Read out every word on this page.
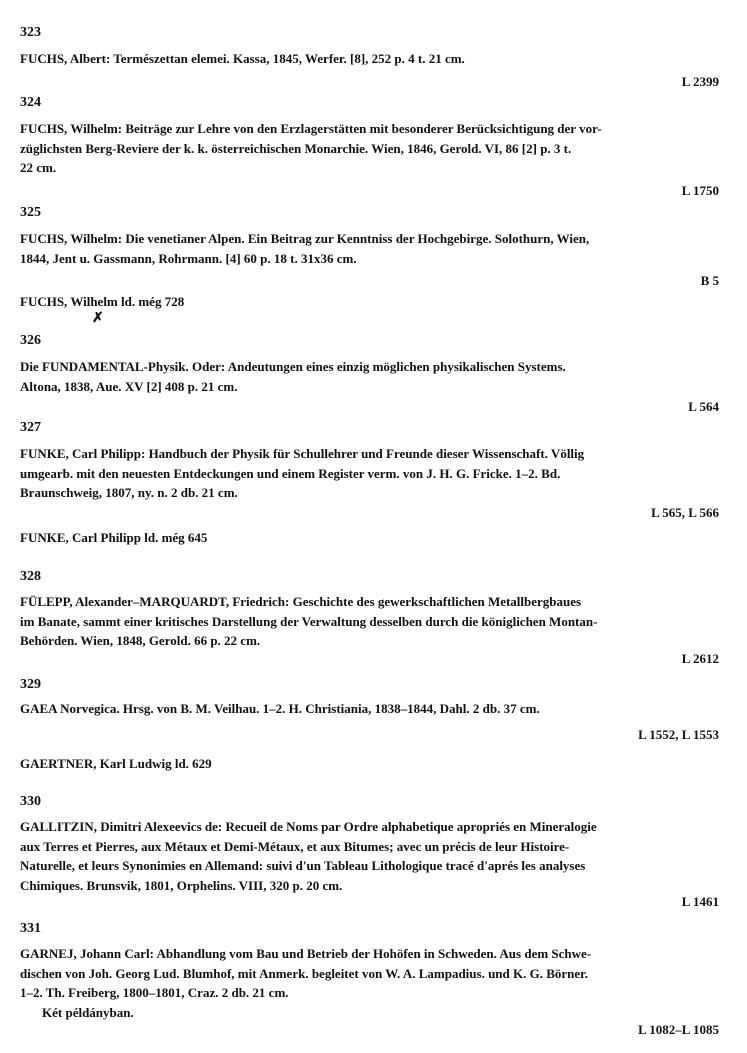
323
FUCHS, Albert: Természettan elemei. Kassa, 1845, Werfer. [8], 252 p. 4 t. 21 cm.
L 2399
324
FUCHS, Wilhelm: Beiträge zur Lehre von den Erzlagerstätten mit besonderer Berücksichtigung der vor-
züglichsten Berg-Reviere der k. k. österreichischen Monarchie. Wien, 1846, Gerold. VI, 86 [2] p. 3 t.
22 cm.
L 1750
325
FUCHS, Wilhelm: Die venetianer Alpen. Ein Beitrag zur Kenntniss der Hochgebirge. Solothurn, Wien,
1844, Jent u. Gassmann, Rohrmann. [4] 60 p. 18 t. 31x36 cm.
B 5
FUCHS, Wilhelm ld. még 728
✗
326
Die FUNDAMENTAL-Physik. Oder: Andeutungen eines einzig möglichen physikalischen Systems.
Altona, 1838, Aue. XV [2] 408 p. 21 cm.
L 564
327
FUNKE, Carl Philipp: Handbuch der Physik für Schullehrer und Freunde dieser Wissenschaft. Völlig
umgearb. mit den neuesten Entdeckungen und einem Register verm. von J. H. G. Fricke. 1–2. Bd.
Braunschweig, 1807, ny. n. 2 db. 21 cm.
L 565, L 566
FUNKE, Carl Philipp ld. még 645
328
FÜLEPP, Alexander–MARQUARDT, Friedrich: Geschichte des gewerkschaftlichen Metallbergbaues
im Banate, sammt einer kritisches Darstellung der Verwaltung desselben durch die königlichen Montan-
Behörden. Wien, 1848, Gerold. 66 p. 22 cm.
L 2612
329
GAEA Norvegica. Hrsg. von B. M. Veilhau. 1–2. H. Christiania, 1838–1844, Dahl. 2 db. 37 cm.
L 1552, L 1553
GAERTNER, Karl Ludwig ld. 629
330
GALLITZIN, Dimitri Alexeevics de: Recueil de Noms par Ordre alphabetique apropriés en Mineralogie
aux Terres et Pierres, aux Métaux et Demi-Métaux, et aux Bitumes; avec un précis de leur Histoire-
Naturelle, et leurs Synonimies en Allemand: suivi d'un Tableau Lithologique tracé d'aprés les analyses
Chimiques. Brunsvik, 1801, Orphelins. VIII, 320 p. 20 cm.
L 1461
331
GARNEJ, Johann Carl: Abhandlung vom Bau und Betrieb der Hohöfen in Schweden. Aus dem Schwe-
dischen von Joh. Georg Lud. Blumhof, mit Anmerk. begleitet von W. A. Lampadius. und K. G. Börner.
1–2. Th. Freiberg, 1800–1801, Craz. 2 db. 21 cm.
Két példányban.
L 1082–L 1085
